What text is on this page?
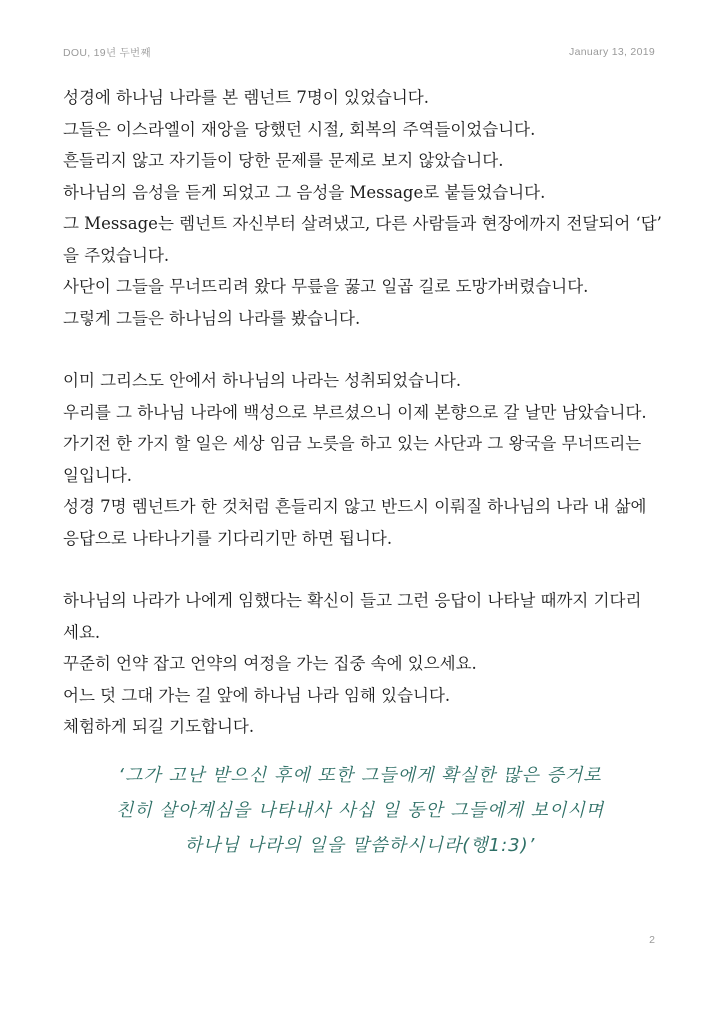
DOU, 19년 두번째	January 13, 2019

성경에 하나님 나라를 본 렘넌트 7명이 있었습니다.
그들은 이스라엘이 재앙을 당했던 시절, 회복의 주역들이었습니다.
흔들리지 않고 자기들이 당한 문제를 문제로 보지 않았습니다.
하나님의 음성을 듣게 되었고 그 음성을 Message로 붙들었습니다.
그 Message는 렘넌트 자신부터 살려냈고, 다른 사람들과 현장에까지 전달되어 ‘답’
을 주었습니다.
사단이 그들을 무너뜨리려 왔다 무릎을 꿇고 일곱 길로 도망가버렸습니다.
그렇게 그들은 하나님의 나라를 봤습니다.

이미 그리스도 안에서 하나님의 나라는 성취되었습니다.
우리를 그 하나님 나라에 백성으로 부르셨으니 이제 본향으로 갈 날만 남았습니다.
가기전 한 가지 할 일은 세상 임금 노릇을 하고 있는 사단과 그 왕국을 무너뜨리는
일입니다.
성경 7명 렘넌트가 한 것처럼 흔들리지 않고 반드시 이뤄질 하나님의 나라 내 삶에
응답으로 나타나기를 기다리기만 하면 됩니다.

하나님의 나라가 나에게 임했다는 확신이 들고 그런 응답이 나타날 때까지 기다리
세요.
꾸준히 언약 잡고 언약의 여정을 가는 집중 속에 있으세요.
어느 덧 그대 가는 길 앞에 하나님 나라 임해 있습니다.
체험하게 되길 기도합니다.

‘그가 고난 받으신 후에 또한 그들에게 확실한 많은 증거로
친히 살아계심을 나타내사 사십 일 동안 그들에게 보이시며
하나님 나라의 일을 말씀하시니라(행1:3)’
2
